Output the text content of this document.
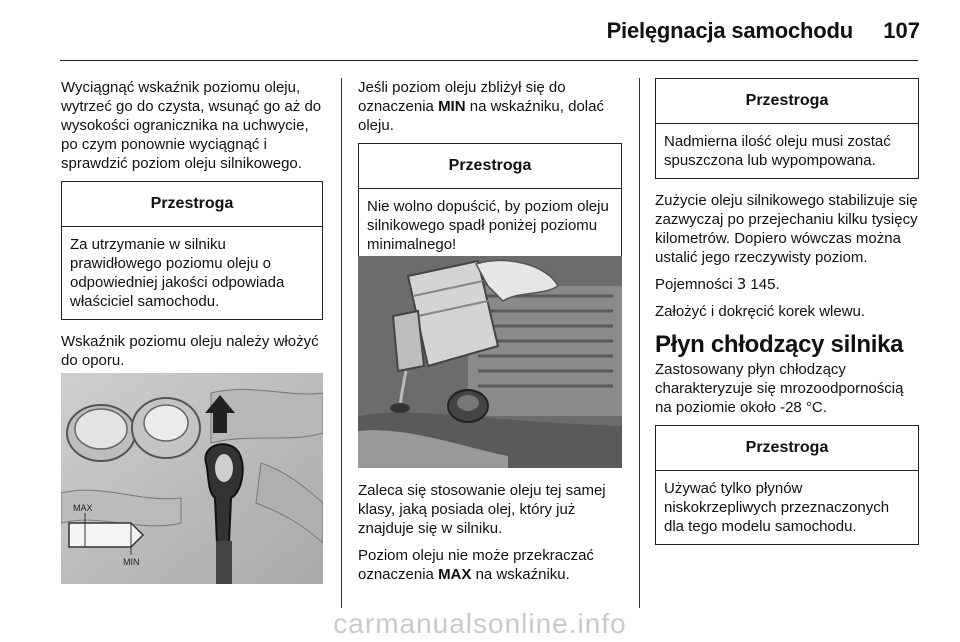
Pielęgnacja samochodu 107

Wyciągnąć wskaźnik poziomu oleju, wytrzeć go do czysta, wsunąć go aż do wysokości ogranicznika na uchwycie, po czym ponownie wyciągnąć i sprawdzić poziom oleju silnikowego.

Przestroga
Za utrzymanie w silniku prawidłowego poziomu oleju o odpowiedniej jakości odpowiada właściciel samochodu.

Wskaźnik poziomu oleju należy włożyć do oporu.

MAX
MIN

Jeśli poziom oleju zbliżył się do oznaczenia MIN na wskaźniku, dolać oleju.

Przestroga
Nie wolno dopuścić, by poziom oleju silnikowego spadł poniżej poziomu minimalnego!

Zaleca się stosowanie oleju tej samej klasy, jaką posiada olej, który już znajduje się w silniku.

Poziom oleju nie może przekraczać oznaczenia MAX na wskaźniku.

Przestroga
Nadmierna ilość oleju musi zostać spuszczona lub wypompowana.

Zużycie oleju silnikowego stabilizuje się zazwyczaj po przejechaniu kilku tysięcy kilometrów. Dopiero wówczas można ustalić jego rzeczywisty poziom.

Pojemności 3 145.

Założyć i dokręcić korek wlewu.

Płyn chłodzący silnika

Zastosowany płyn chłodzący charakteryzuje się mrozoodpornością na poziomie około -28 °C.

Przestroga
Używać tylko płynów niskokrzepliwych przeznaczonych dla tego modelu samochodu.
carmanualsonline.info
